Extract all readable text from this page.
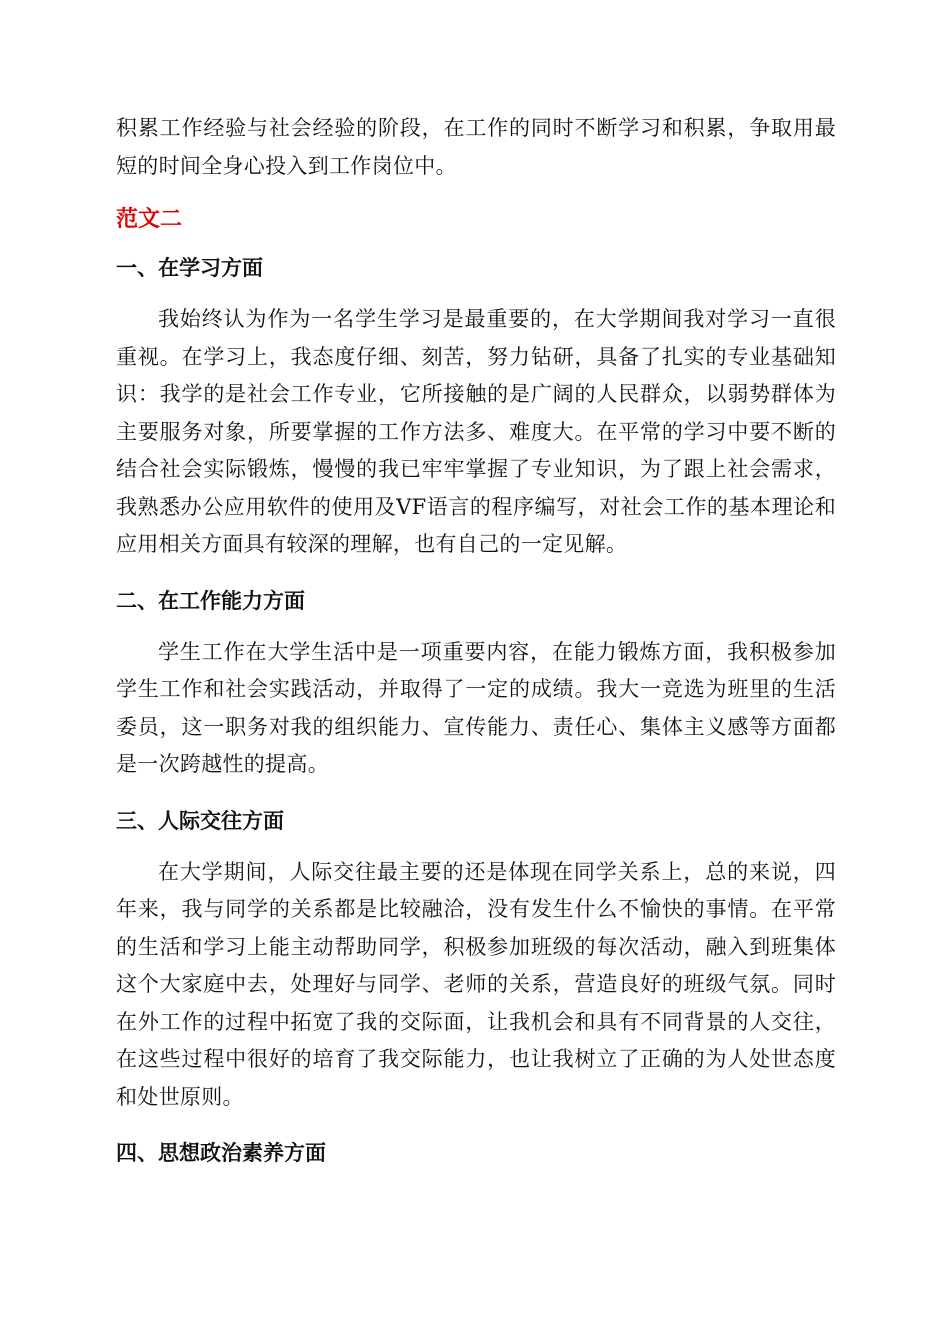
积累工作经验与社会经验的阶段，在工作的同时不断学习和积累，争取用最短的时间全身心投入到工作岗位中。

范文二

一、在学习方面

我始终认为作为一名学生学习是最重要的，在大学期间我对学习一直很重视。在学习上，我态度仔细、刻苦，努力钻研，具备了扎实的专业基础知识：我学的是社会工作专业，它所接触的是广阔的人民群众，以弱势群体为主要服务对象，所要掌握的工作方法多、难度大。在平常的学习中要不断的结合社会实际锻炼，慢慢的我已牢牢掌握了专业知识，为了跟上社会需求，我熟悉办公应用软件的使用及VF语言的程序编写，对社会工作的基本理论和应用相关方面具有较深的理解，也有自己的一定见解。

二、在工作能力方面

学生工作在大学生活中是一项重要内容，在能力锻炼方面，我积极参加学生工作和社会实践活动，并取得了一定的成绩。我大一竞选为班里的生活委员，这一职务对我的组织能力、宣传能力、责任心、集体主义感等方面都是一次跨越性的提高。

三、人际交往方面

在大学期间，人际交往最主要的还是体现在同学关系上，总的来说，四年来，我与同学的关系都是比较融洽，没有发生什么不愉快的事情。在平常的生活和学习上能主动帮助同学，积极参加班级的每次活动，融入到班集体这个大家庭中去，处理好与同学、老师的关系，营造良好的班级气氛。同时在外工作的过程中拓宽了我的交际面，让我机会和具有不同背景的人交往，在这些过程中很好的培育了我交际能力，也让我树立了正确的为人处世态度和处世原则。

四、思想政治素养方面
